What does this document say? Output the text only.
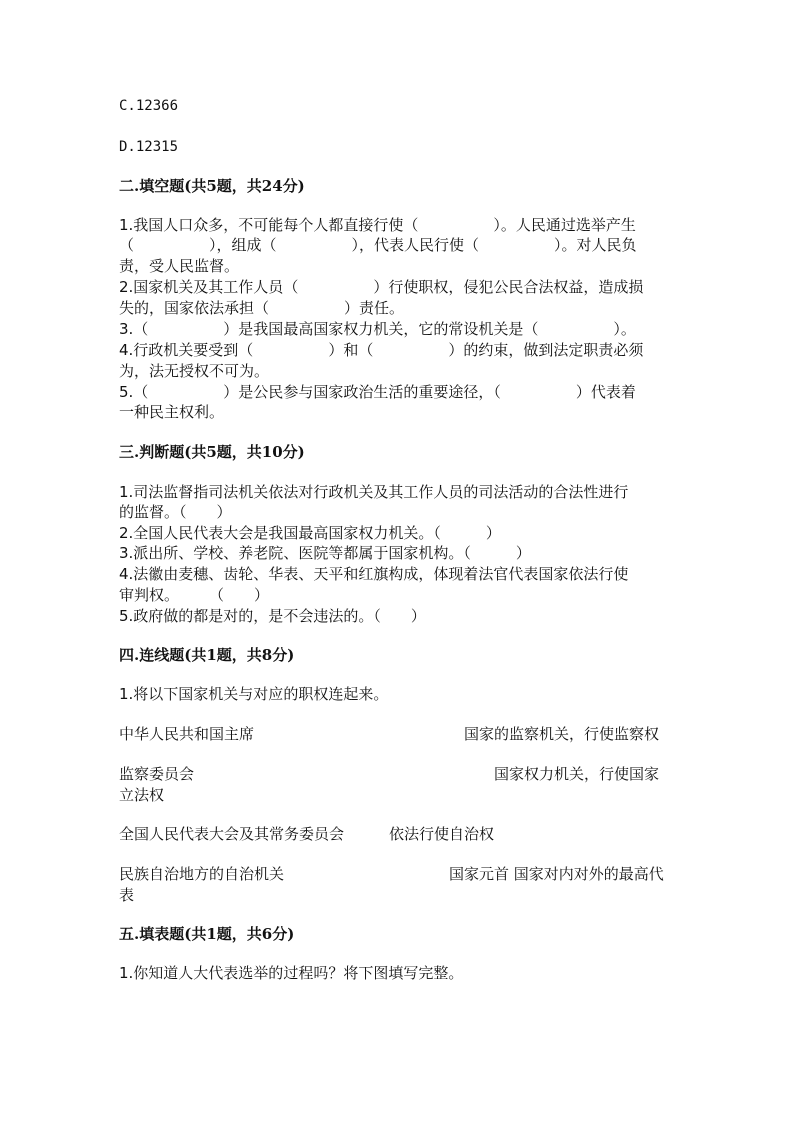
C.12366
D.12315
二.填空题(共5题，共24分)
1.我国人口众多，不可能每个人都直接行使（　　　　　）。人民通过选举产生
（　　　　　），组成（　　　　　），代表人民行使（　　　　　）。对人民负
责，受人民监督。
2.国家机关及其工作人员（　　　　　）行使职权，侵犯公民合法权益，造成损
失的，国家依法承担（　　　　　）责任。
3.（　　　　　）是我国最高国家权力机关，它的常设机关是（　　　　　）。
4.行政机关要受到（　　　　　）和（　　　　　）的约束，做到法定职责必须
为，法无授权不可为。
5.（　　　　　）是公民参与国家政治生活的重要途径，（　　　　　）代表着
一种民主权利。
三.判断题(共5题，共10分)
1.司法监督指司法机关依法对行政机关及其工作人员的司法活动的合法性进行
的监督。（　　）
2.全国人民代表大会是我国最高国家权力机关。（　　　）
3.派出所、学校、养老院、医院等都属于国家机构。（　　　）
4.法徽由麦穗、齿轮、华表、天平和红旗构成，体现着法官代表国家依法行使
审判权。　　　（　　）
5.政府做的都是对的，是不会违法的。（　　）
四.连线题(共1题，共8分)
1.将以下国家机关与对应的职权连起来。
中华人民共和国主席　　　　　　　　　　　　　　国家的监察机关，行使监察权
监察委员会　　　　　　　　　　　　　　　　　　　　国家权力机关，行使国家
立法权
全国人民代表大会及其常务委员会　　　依法行使自治权
民族自治地方的自治机关　　　　　　　　　　　国家元首 国家对内对外的最高代
表
五.填表题(共1题，共6分)
1.你知道人大代表选举的过程吗？将下图填写完整。
